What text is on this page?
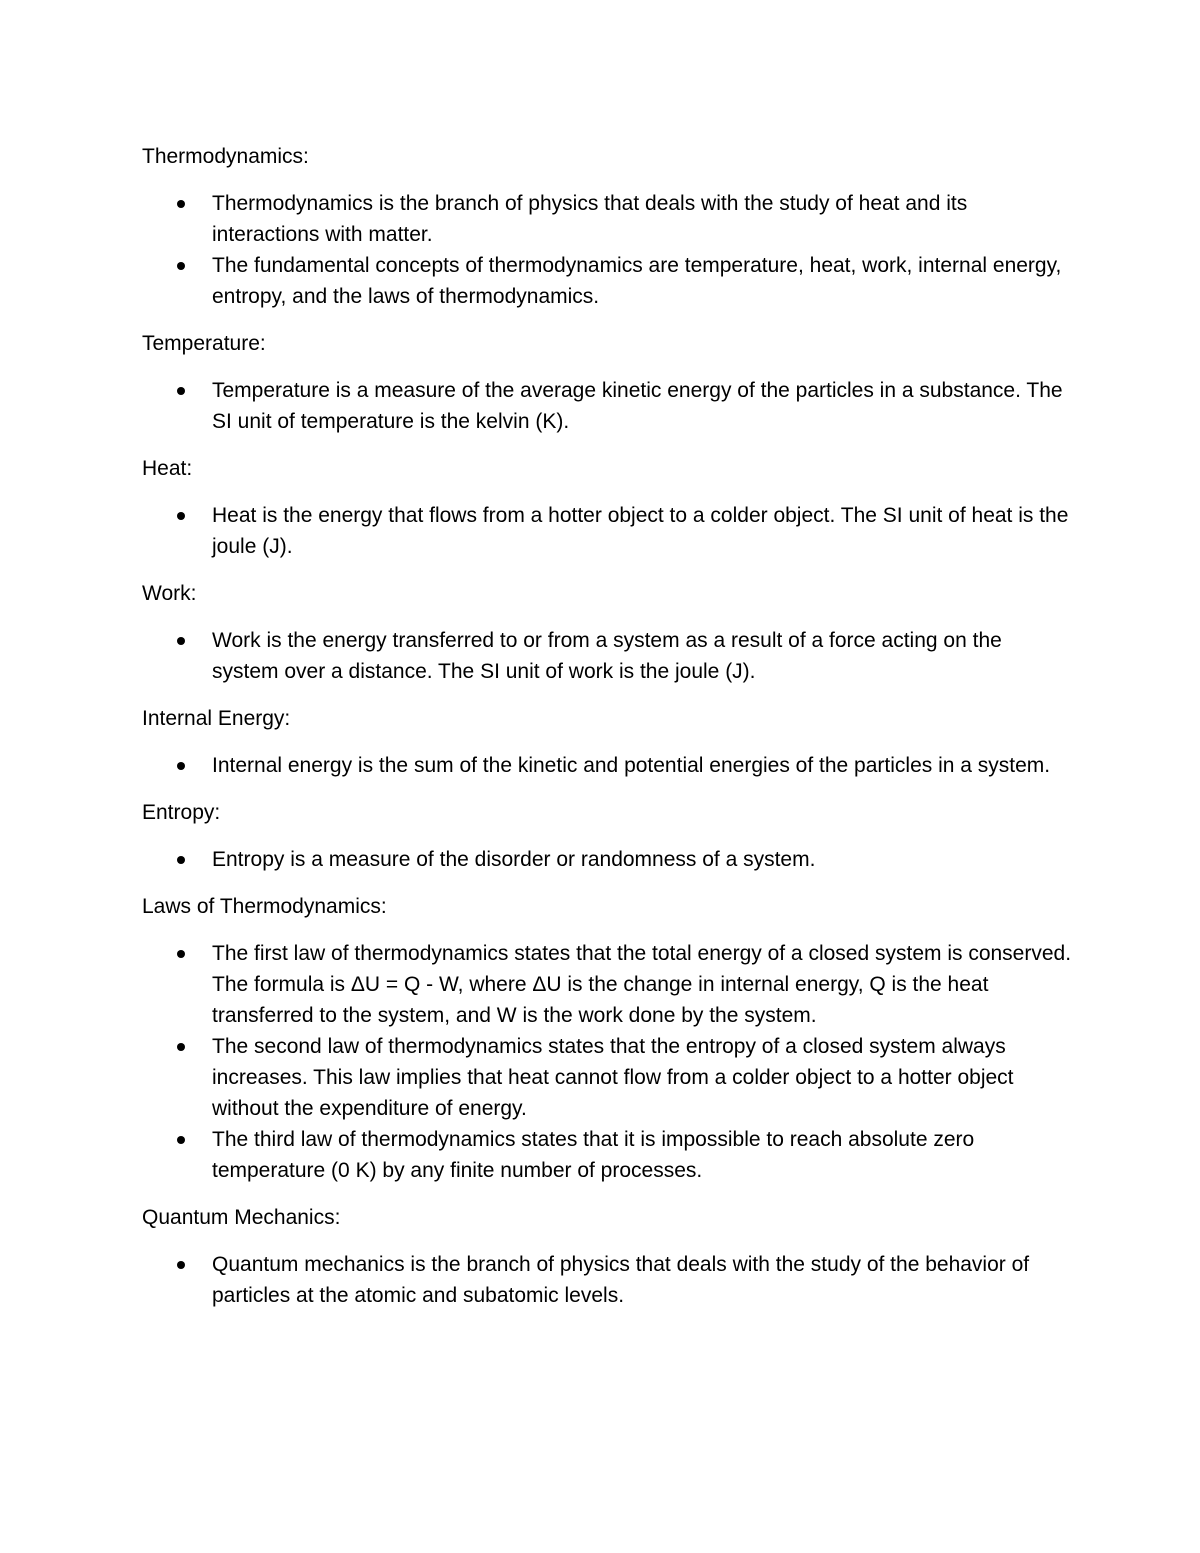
Thermodynamics:

Thermodynamics is the branch of physics that deals with the study of heat and its interactions with matter.
The fundamental concepts of thermodynamics are temperature, heat, work, internal energy, entropy, and the laws of thermodynamics.

Temperature:

Temperature is a measure of the average kinetic energy of the particles in a substance. The SI unit of temperature is the kelvin (K).

Heat:

Heat is the energy that flows from a hotter object to a colder object. The SI unit of heat is the joule (J).

Work:

Work is the energy transferred to or from a system as a result of a force acting on the system over a distance. The SI unit of work is the joule (J).

Internal Energy:

Internal energy is the sum of the kinetic and potential energies of the particles in a system.

Entropy:

Entropy is a measure of the disorder or randomness of a system.

Laws of Thermodynamics:

The first law of thermodynamics states that the total energy of a closed system is conserved. The formula is ΔU = Q - W, where ΔU is the change in internal energy, Q is the heat transferred to the system, and W is the work done by the system.
The second law of thermodynamics states that the entropy of a closed system always increases. This law implies that heat cannot flow from a colder object to a hotter object without the expenditure of energy.
The third law of thermodynamics states that it is impossible to reach absolute zero temperature (0 K) by any finite number of processes.

Quantum Mechanics:

Quantum mechanics is the branch of physics that deals with the study of the behavior of particles at the atomic and subatomic levels.
